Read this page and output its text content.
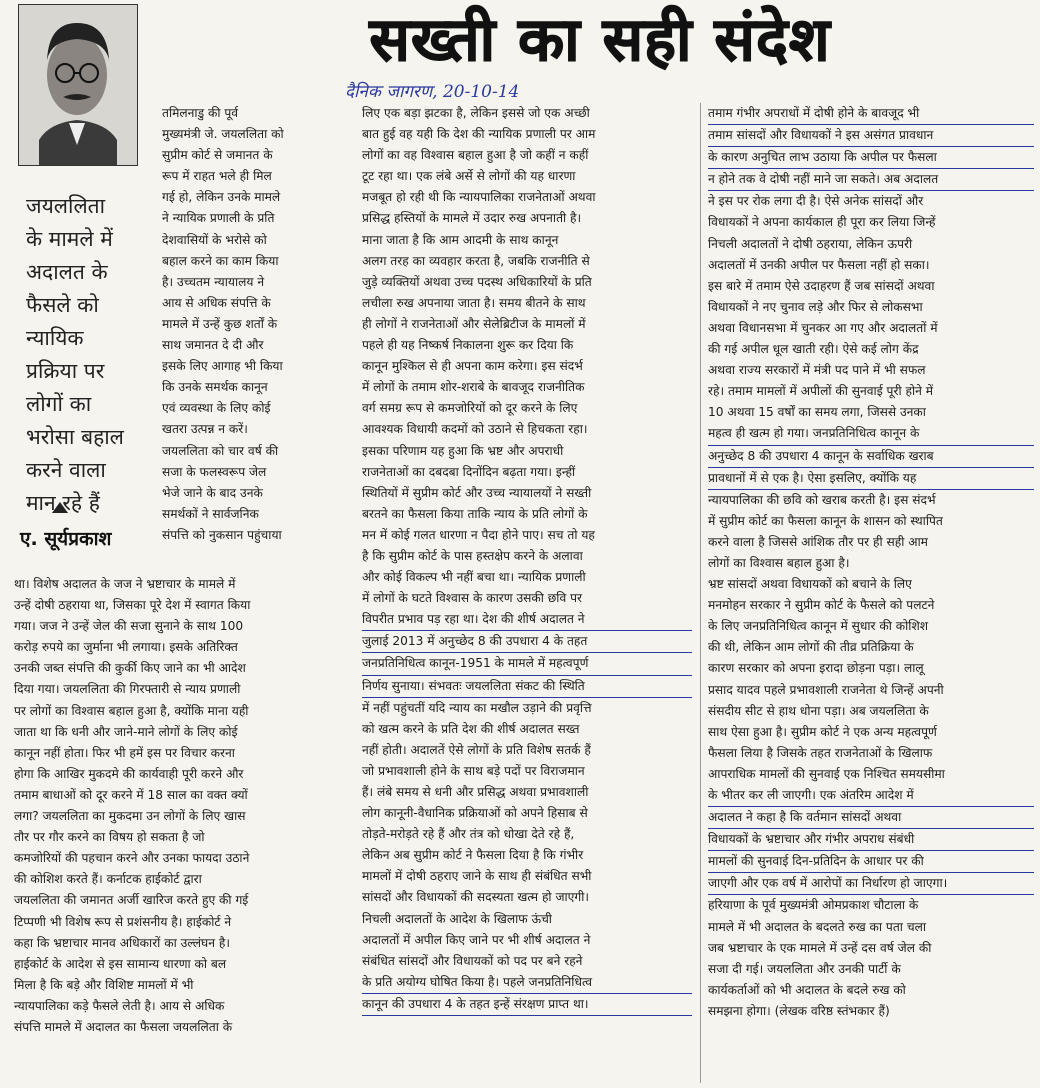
सख्ती का सही संदेश
दैनिक जागरण, 20-10-14
जयललिता
के मामले में
अदालत के
फैसले को
न्यायिक
प्रक्रिया पर
लोगों का
भरोसा बहाल
करने वाला
मान रहे हैं
ए. सूर्यप्रकाश
तमिलनाडु की पूर्व
मुख्यमंत्री जे. जयललिता को
सुप्रीम कोर्ट से जमानत के
रूप में राहत भले ही मिल
गई हो, लेकिन उनके मामले
ने न्यायिक प्रणाली के प्रति
देशवासियों के भरोसे को
बहाल करने का काम किया
है। उच्चतम न्यायालय ने
आय से अधिक संपत्ति के
मामले में उन्हें कुछ शर्तों के
साथ जमानत दे दी और
इसके लिए आगाह भी किया
कि उनके समर्थक कानून
एवं व्यवस्था के लिए कोई
खतरा उत्पन्न न करें।
जयललिता को चार वर्ष की
सजा के फलस्वरूप जेल
भेजे जाने के बाद उनके
समर्थकों ने सार्वजनिक
संपत्ति को नुकसान पहुंचाया
था। विशेष अदालत के जज ने भ्रष्टाचार के मामले में
उन्हें दोषी ठहराया था, जिसका पूरे देश में स्वागत किया
गया। जज ने उन्हें जेल की सजा सुनाने के साथ 100
करोड़ रुपये का जुर्माना भी लगाया। इसके अतिरिक्त
उनकी जब्त संपत्ति की कुर्की किए जाने का भी आदेश
दिया गया। जयललिता की गिरफ्तारी से न्याय प्रणाली
पर लोगों का विश्वास बहाल हुआ है, क्योंकि माना यही
जाता था कि धनी और जाने-माने लोगों के लिए कोई
कानून नहीं होता। फिर भी हमें इस पर विचार करना
होगा कि आखिर मुकदमे की कार्यवाही पूरी करने और
तमाम बाधाओं को दूर करने में 18 साल का वक्त क्यों
लगा? जयललिता का मुकदमा उन लोगों के लिए खास
तौर पर गौर करने का विषय हो सकता है जो
कमजोरियों की पहचान करने और उनका फायदा उठाने
की कोशिश करते हैं। कर्नाटक हाईकोर्ट द्वारा
जयललिता की जमानत अर्जी खारिज करते हुए की गई
टिप्पणी भी विशेष रूप से प्रशंसनीय है। हाईकोर्ट ने
कहा कि भ्रष्टाचार मानव अधिकारों का उल्लंघन है।
हाईकोर्ट के आदेश से इस सामान्य धारणा को बल
मिला है कि बड़े और विशिष्ट मामलों में भी
न्यायपालिका कड़े फैसले लेती है। आय से अधिक
संपत्ति मामले में अदालत का फैसला जयललिता के
लिए एक बड़ा झटका है, लेकिन इससे जो एक अच्छी
बात हुई वह यही कि देश की न्यायिक प्रणाली पर आम
लोगों का वह विश्वास बहाल हुआ है जो कहीं न कहीं
टूट रहा था। एक लंबे अर्से से लोगों की यह धारणा
मजबूत हो रही थी कि न्यायपालिका राजनेताओं अथवा
प्रसिद्ध हस्तियों के मामले में उदार रुख अपनाती है।
माना जाता है कि आम आदमी के साथ कानून
अलग तरह का व्यवहार करता है, जबकि राजनीति से
जुड़े व्यक्तियों अथवा उच्च पदस्थ अधिकारियों के प्रति
लचीला रुख अपनाया जाता है। समय बीतने के साथ
ही लोगों ने राजनेताओं और सेलेब्रिटीज के मामलों में
पहले ही यह निष्कर्ष निकालना शुरू कर दिया कि
कानून मुश्किल से ही अपना काम करेगा। इस संदर्भ
में लोगों के तमाम शोर-शराबे के बावजूद राजनीतिक
वर्ग समग्र रूप से कमजोरियों को दूर करने के लिए
आवश्यक विधायी कदमों को उठाने से हिचकता रहा।
इसका परिणाम यह हुआ कि भ्रष्ट और अपराधी
राजनेताओं का दबदबा दिनोंदिन बढ़ता गया। इन्हीं
स्थितियों में सुप्रीम कोर्ट और उच्च न्यायालयों ने सख्ती
बरतने का फैसला किया ताकि न्याय के प्रति लोगों के
मन में कोई गलत धारणा न पैदा होने पाए। सच तो यह
है कि सुप्रीम कोर्ट के पास हस्तक्षेप करने के अलावा
और कोई विकल्प भी नहीं बचा था। न्यायिक प्रणाली
में लोगों के घटते विश्वास के कारण उसकी छवि पर
विपरीत प्रभाव पड़ रहा था। देश की शीर्ष अदालत ने
जुलाई 2013 में अनुच्छेद 8 की उपधारा 4 के तहत
जनप्रतिनिधित्व कानून-1951 के मामले में महत्वपूर्ण
निर्णय सुनाया। संभवतः जयललिता संकट की स्थिति
में नहीं पहुंचतीं यदि न्याय का मखौल उड़ाने की प्रवृत्ति
को खत्म करने के प्रति देश की शीर्ष अदालत सख्त
नहीं होती। अदालतें ऐसे लोगों के प्रति विशेष सतर्क हैं
जो प्रभावशाली होने के साथ बड़े पदों पर विराजमान
हैं। लंबे समय से धनी और प्रसिद्ध अथवा प्रभावशाली
लोग कानूनी-वैधानिक प्रक्रियाओं को अपने हिसाब से
तोड़ते-मरोड़ते रहे हैं और तंत्र को धोखा देते रहे हैं,
लेकिन अब सुप्रीम कोर्ट ने फैसला दिया है कि गंभीर
मामलों में दोषी ठहराए जाने के साथ ही संबंधित सभी
सांसदों और विधायकों की सदस्यता खत्म हो जाएगी।
निचली अदालतों के आदेश के खिलाफ ऊंची
अदालतों में अपील किए जाने पर भी शीर्ष अदालत ने
संबंधित सांसदों और विधायकों को पद पर बने रहने
के प्रति अयोग्य घोषित किया है। पहले जनप्रतिनिधित्व
कानून की उपधारा 4 के तहत इन्हें संरक्षण प्राप्त था।
तमाम गंभीर अपराधों में दोषी होने के बावजूद भी
तमाम सांसदों और विधायकों ने इस असंगत प्रावधान
के कारण अनुचित लाभ उठाया कि अपील पर फैसला
न होने तक वे दोषी नहीं माने जा सकते। अब अदालत
ने इस पर रोक लगा दी है। ऐसे अनेक सांसदों और
विधायकों ने अपना कार्यकाल ही पूरा कर लिया जिन्हें
निचली अदालतों ने दोषी ठहराया, लेकिन ऊपरी
अदालतों में उनकी अपील पर फैसला नहीं हो सका।
इस बारे में तमाम ऐसे उदाहरण हैं जब सांसदों अथवा
विधायकों ने नए चुनाव लड़े और फिर से लोकसभा
अथवा विधानसभा में चुनकर आ गए और अदालतों में
की गई अपील धूल खाती रही। ऐसे कई लोग केंद्र
अथवा राज्य सरकारों में मंत्री पद पाने में भी सफल
रहे। तमाम मामलों में अपीलों की सुनवाई पूरी होने में
10 अथवा 15 वर्षों का समय लगा, जिससे उनका
महत्व ही खत्म हो गया। जनप्रतिनिधित्व कानून के
अनुच्छेद 8 की उपधारा 4 कानून के सर्वाधिक खराब
प्रावधानों में से एक है। ऐसा इसलिए, क्योंकि यह
न्यायपालिका की छवि को खराब करती है। इस संदर्भ
में सुप्रीम कोर्ट का फैसला कानून के शासन को स्थापित
करने वाला है जिससे आंशिक तौर पर ही सही आम
लोगों का विश्वास बहाल हुआ है।
भ्रष्ट सांसदों अथवा विधायकों को बचाने के लिए
मनमोहन सरकार ने सुप्रीम कोर्ट के फैसले को पलटने
के लिए जनप्रतिनिधित्व कानून में सुधार की कोशिश
की थी, लेकिन आम लोगों की तीव्र प्रतिक्रिया के
कारण सरकार को अपना इरादा छोड़ना पड़ा। लालू
प्रसाद यादव पहले प्रभावशाली राजनेता थे जिन्हें अपनी
संसदीय सीट से हाथ धोना पड़ा। अब जयललिता के
साथ ऐसा हुआ है। सुप्रीम कोर्ट ने एक अन्य महत्वपूर्ण
फैसला लिया है जिसके तहत राजनेताओं के खिलाफ
आपराधिक मामलों की सुनवाई एक निश्चित समयसीमा
के भीतर कर ली जाएगी। एक अंतरिम आदेश में
अदालत ने कहा है कि वर्तमान सांसदों अथवा
विधायकों के भ्रष्टाचार और गंभीर अपराध संबंधी
मामलों की सुनवाई दिन-प्रतिदिन के आधार पर की
जाएगी और एक वर्ष में आरोपों का निर्धारण हो जाएगा।
हरियाणा के पूर्व मुख्यमंत्री ओमप्रकाश चौटाला के
मामले में भी अदालत के बदलते रुख का पता चला
जब भ्रष्टाचार के एक मामले में उन्हें दस वर्ष जेल की
सजा दी गई। जयललिता और उनकी पार्टी के
कार्यकर्ताओं को भी अदालत के बदले रुख को
समझना होगा। (लेखक वरिष्ठ स्तंभकार हैं)
